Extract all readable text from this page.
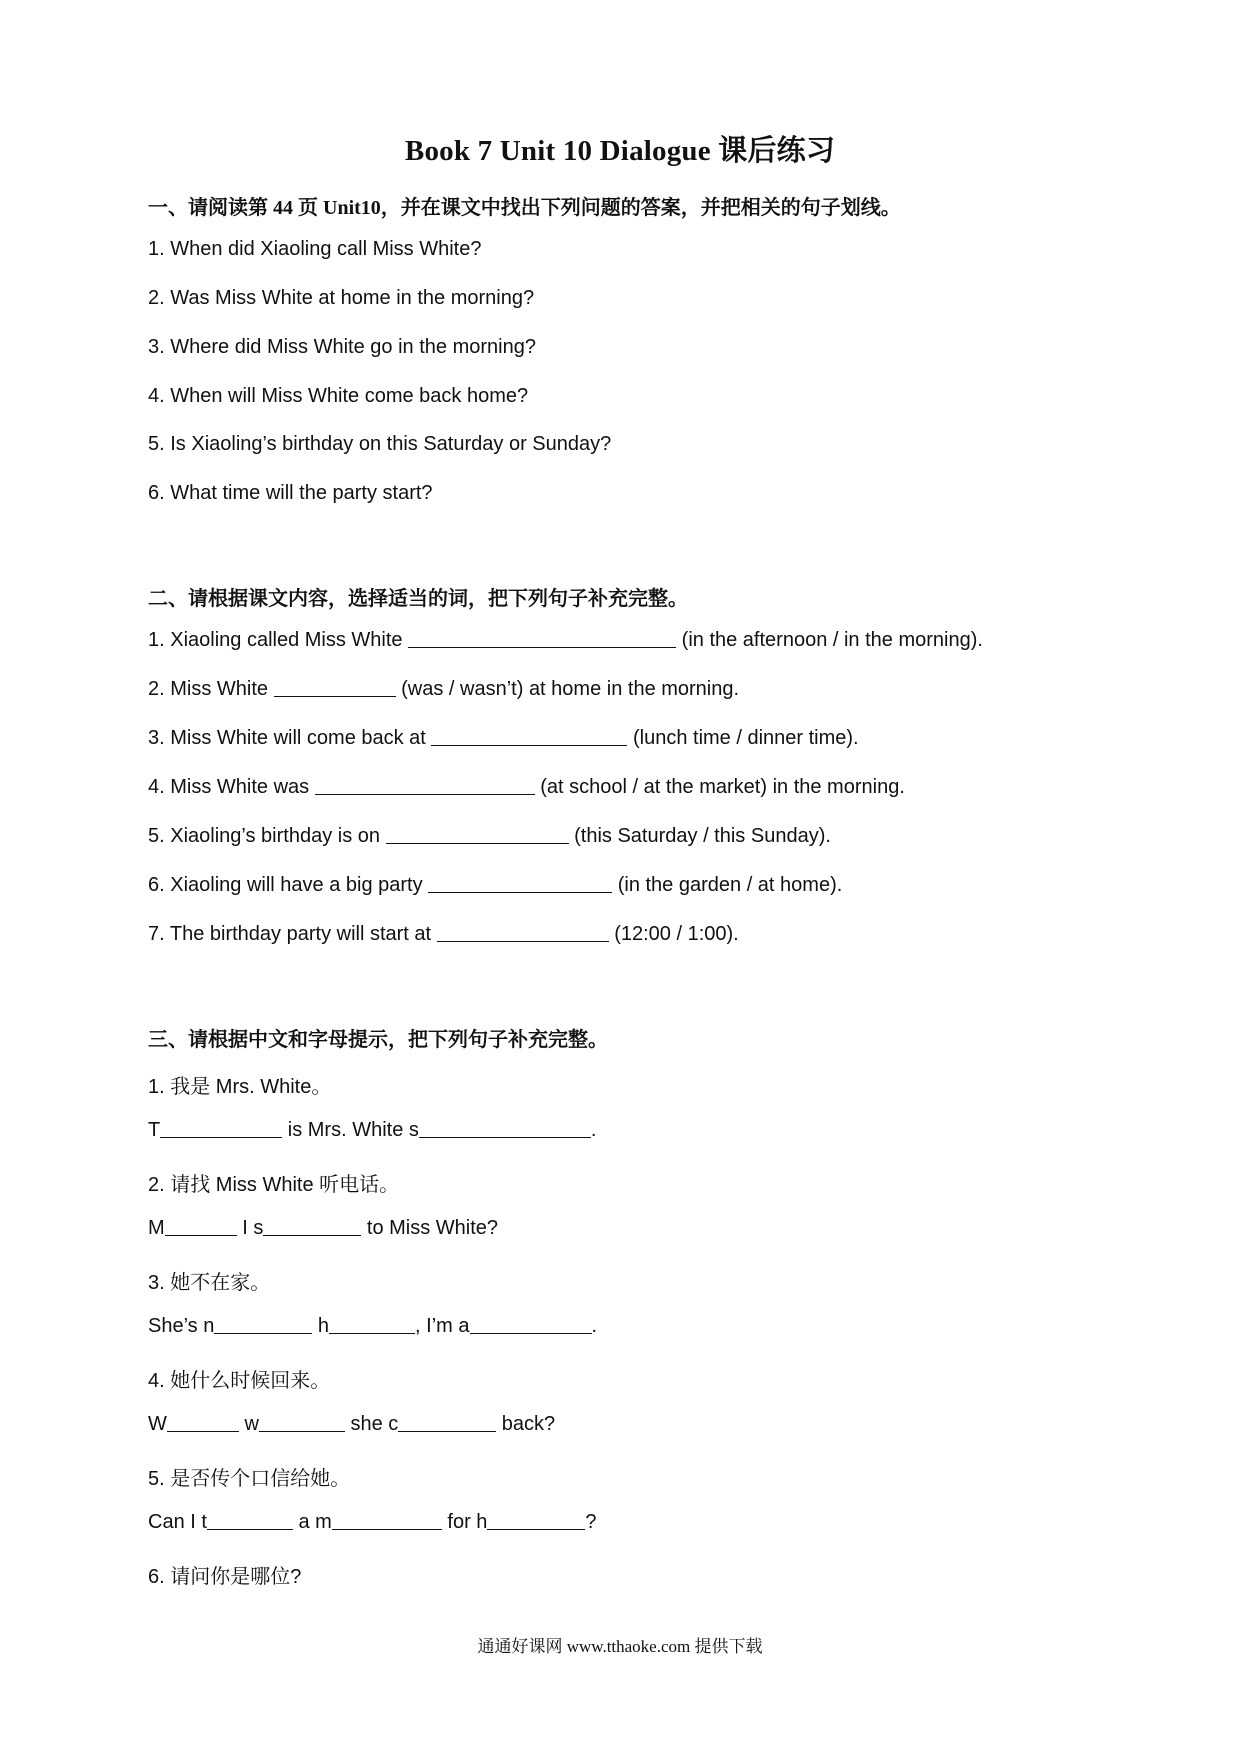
Book 7 Unit 10 Dialogue 课后练习
一、请阅读第 44 页 Unit10，并在课文中找出下列问题的答案，并把相关的句子划线。
1. When did Xiaoling call Miss White?
2. Was Miss White at home in the morning?
3. Where did Miss White go in the morning?
4. When will Miss White come back home?
5. Is Xiaoling’s birthday on this Saturday or Sunday?
6. What time will the party start?
二、请根据课文内容，选择适当的词，把下列句子补充完整。
1. Xiaoling called Miss White	(in the afternoon / in the morning).
2. Miss White	(was / wasn’t) at home in the morning.
3. Miss White will come back at	(lunch time / dinner time).
4. Miss White was	(at school / at the market) in the morning.
5. Xiaoling’s birthday is on	(this Saturday / this Sunday).
6. Xiaoling will have a big party	(in the garden / at home).
7. The birthday party will start at	(12:00 / 1:00).
三、请根据中文和字母提示，把下列句子补充完整。
1. 我是 Mrs. White。
T	is Mrs. White s	.
2. 请找 Miss White 听电话。
M	I s	to Miss White?
3. 她不在家。
She’s n	h	, I’m a	.
4. 她什么时候回来。
W	w	she c	back?
5. 是否传个口信给她。
Can I t	a m	for h	?
6. 请问你是哪位?
通通好课网 www.tthaoke.com 提供下载
